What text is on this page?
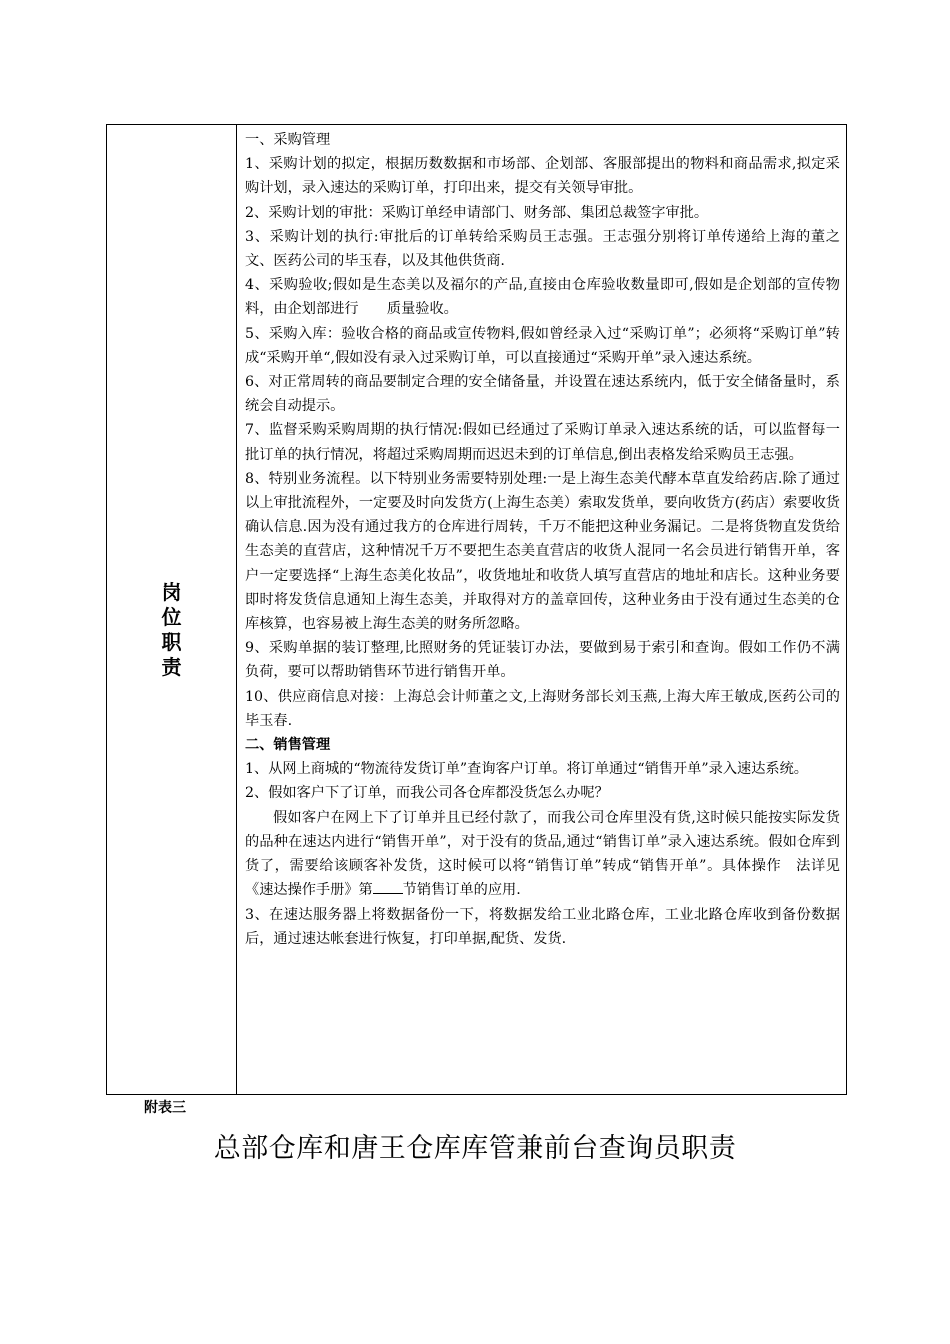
岗位职责

一、采购管理

1、采购计划的拟定，根据历数数据和市场部、企划部、客服部提出的物料和商品需求,拟定采购计划，录入速达的采购订单，打印出来，提交有关领导审批。

2、采购计划的审批：采购订单经申请部门、财务部、集团总裁签字审批。

3、采购计划的执行:审批后的订单转给采购员王志强。王志强分别将订单传递给上海的董之文、医药公司的毕玉春，以及其他供货商.

4、采购验收;假如是生态美以及福尔的产品,直接由仓库验收数量即可,假如是企划部的宣传物料，由企划部进行　　质量验收。

5、采购入库：验收合格的商品或宣传物料,假如曾经录入过“采购订单”；必须将“采购订单”转成“采购开单“,假如没有录入过采购订单，可以直接通过“采购开单”录入速达系统。

6、对正常周转的商品要制定合理的安全储备量，并设置在速达系统内，低于安全储备量时，系统会自动提示。

7、监督采购采购周期的执行情况:假如已经通过了采购订单录入速达系统的话，可以监督每一批订单的执行情况，将超过采购周期而迟迟未到的订单信息,倒出表格发给采购员王志强。

8、特别业务流程。以下特别业务需要特别处理:一是上海生态美代酵本草直发给药店.除了通过以上审批流程外，一定要及时向发货方(上海生态美）索取发货单，要向收货方(药店）索要收货确认信息.因为没有通过我方的仓库进行周转，千万不能把这种业务漏记。二是将货物直发货给生态美的直营店，这种情况千万不要把生态美直营店的收货人混同一名会员进行销售开单，客户一定要选择“上海生态美化妆品”，收货地址和收货人填写直营店的地址和店长。这种业务要即时将发货信息通知上海生态美，并取得对方的盖章回传，这种业务由于没有通过生态美的仓库核算，也容易被上海生态美的财务所忽略。

9、采购单据的装订整理,比照财务的凭证装订办法，要做到易于索引和查询。假如工作仍不满负荷，要可以帮助销售环节进行销售开单。

10、供应商信息对接：上海总会计师董之文,上海财务部长刘玉燕,上海大库王敏成,医药公司的毕玉春.

二、销售管理

1、从网上商城的“物流待发货订单”查询客户订单。将订单通过“销售开单”录入速达系统。

2、假如客户下了订单，而我公司各仓库都没货怎么办呢？

假如客户在网上下了订单并且已经付款了，而我公司仓库里没有货,这时候只能按实际发货的品种在速达内进行“销售开单”，对于没有的货品,通过“销售订单”录入速达系统。假如仓库到货了，需要给该顾客补发货，这时候可以将“销售订单”转成“销售开单”。具体操作　法详见《速达操作手册》第 节销售订单的应用.

3、在速达服务器上将数据备份一下，将数据发给工业北路仓库，工业北路仓库收到备份数据后，通过速达帐套进行恢复，打印单据,配货、发货.

附表三
总部仓库和唐王仓库库管兼前台查询员职责
